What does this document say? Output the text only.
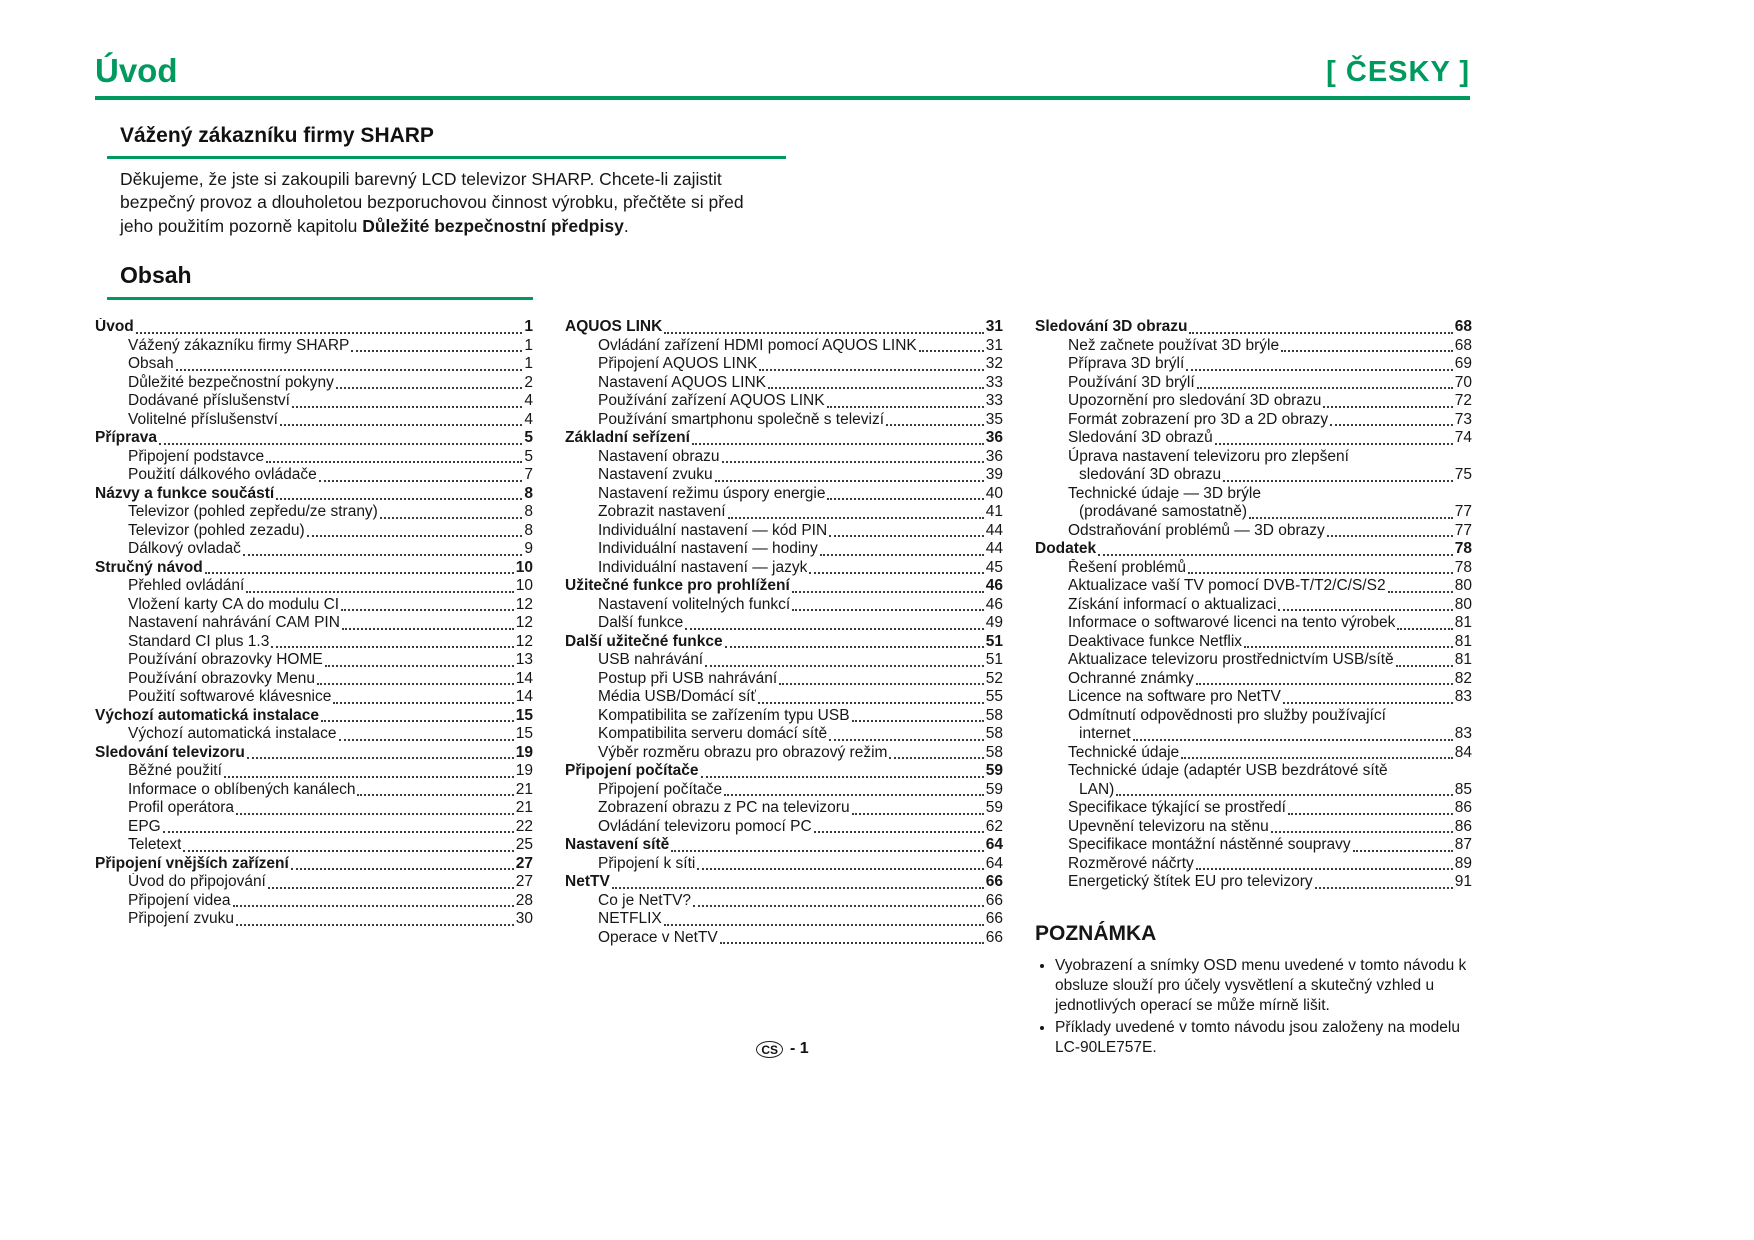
Úvod	[ ČESKY ]
Vážený zákazníku firmy SHARP

Děkujeme, že jste si zakoupili barevný LCD televizor SHARP. Chcete-li zajistit
bezpečný provoz a dlouholetou bezporuchovou činnost výrobku, přečtěte si před
jeho použitím pozorně kapitolu Důležité bezpečnostní předpisy.

Obsah
Úvod	1
Vážený zákazníku firmy SHARP	1
Obsah	1
Důležité bezpečnostní pokyny	2
Dodávané příslušenství	4
Volitelné příslušenství	4
Příprava	5
Připojení podstavce	5
Použití dálkového ovládače	7
Názvy a funkce součástí	8
Televizor (pohled zepředu/ze strany)	8
Televizor (pohled zezadu)	8
Dálkový ovladač	9
Stručný návod	10
Přehled ovládání	10
Vložení karty CA do modulu CI	12
Nastavení nahrávání CAM PIN	12
Standard CI plus 1.3	12
Používání obrazovky HOME	13
Používání obrazovky Menu	14
Použití softwarové klávesnice	14
Výchozí automatická instalace	15
Výchozí automatická instalace	15
Sledování televizoru	19
Běžné použití	19
Informace o oblíbených kanálech	21
Profil operátora	21
EPG	22
Teletext	25
Připojení vnějších zařízení	27
Úvod do připojování	27
Připojení videa	28
Připojení zvuku	30
AQUOS LINK	31
Ovládání zařízení HDMI pomocí AQUOS LINK	31
Připojení AQUOS LINK	32
Nastavení AQUOS LINK	33
Používání zařízení AQUOS LINK	33
Používání smartphonu společně s televizí	35
Základní seřízení	36
Nastavení obrazu	36
Nastavení zvuku	39
Nastavení režimu úspory energie	40
Zobrazit nastavení	41
Individuální nastavení — kód PIN	44
Individuální nastavení — hodiny	44
Individuální nastavení — jazyk	45
Užitečné funkce pro prohlížení	46
Nastavení volitelných funkcí	46
Další funkce	49
Další užitečné funkce	51
USB nahrávání	51
Postup při USB nahrávání	52
Média USB/Domácí síť	55
Kompatibilita se zařízením typu USB	58
Kompatibilita serveru domácí sítě	58
Výběr rozměru obrazu pro obrazový režim	58
Připojení počítače	59
Připojení počítače	59
Zobrazení obrazu z PC na televizoru	59
Ovládání televizoru pomocí PC	62
Nastavení sítě	64
Připojení k síti	64
NetTV	66
Co je NetTV?	66
NETFLIX	66
Operace v NetTV	66
Sledování 3D obrazu	68
Než začnete používat 3D brýle	68
Příprava 3D brýlí	69
Používání 3D brýlí	70
Upozornění pro sledování 3D obrazu	72
Formát zobrazení pro 3D a 2D obrazy	73
Sledování 3D obrazů	74
Úprava nastavení televizoru pro zlepšení
sledování 3D obrazu	75
Technické údaje — 3D brýle
(prodávané samostatně)	77
Odstraňování problémů — 3D obrazy	77
Dodatek	78
Řešení problémů	78
Aktualizace vaší TV pomocí DVB-T/T2/C/S/S2	80
Získání informací o aktualizaci	80
Informace o softwarové licenci na tento výrobek	81
Deaktivace funkce Netflix	81
Aktualizace televizoru prostřednictvím USB/sítě	81
Ochranné známky	82
Licence na software pro NetTV	83
Odmítnutí odpovědnosti pro služby používající
internet	83
Technické údaje	84
Technické údaje (adaptér USB bezdrátové sítě
LAN)	85
Specifikace týkající se prostředí	86
Upevnění televizoru na stěnu	86
Specifikace montážní nástěnné soupravy	87
Rozměrové náčrty	89
Energetický štítek EU pro televizory	91
POZNÁMKA
• Vyobrazení a snímky OSD menu uvedené v tomto návodu k obsluze slouží pro účely vysvětlení a skutečný vzhled u jednotlivých operací se může mírně lišit.
• Příklady uvedené v tomto návodu jsou založeny na modelu LC-90LE757E.
CS - 1
